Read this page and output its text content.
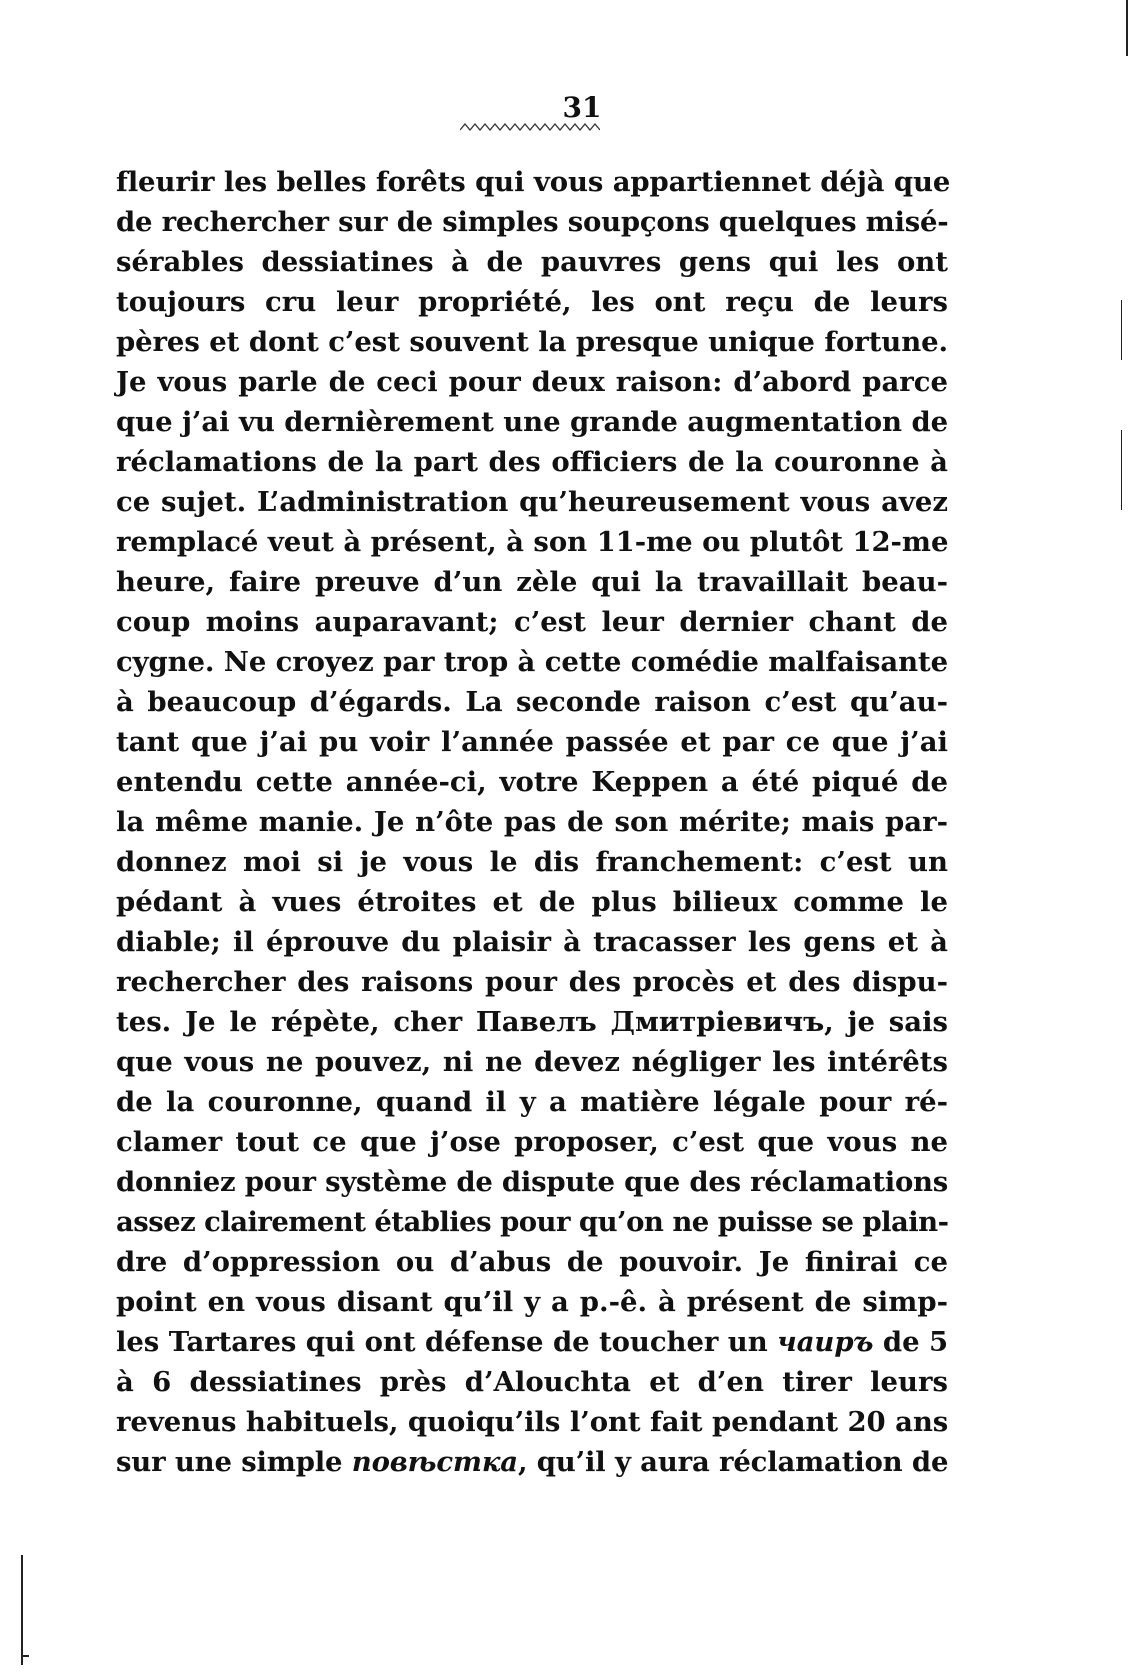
31
fleurir les belles forêts qui vous appartiennet déjà que
de rechercher sur de simples soupçons quelques misé-
sérables dessiatines à de pauvres gens qui les ont
toujours cru leur propriété, les ont reçu de leurs
pères et dont c’est souvent la presque unique fortune.
Je vous parle de ceci pour deux raison: d’abord parce
que j’ai vu dernièrement une grande augmentation de
réclamations de la part des officiers de la couronne à
ce sujet. L’administration qu’heureusement vous avez
remplacé veut à présent, à son 11-me ou plutôt 12-me
heure, faire preuve d’un zèle qui la travaillait beau-
coup moins auparavant; c’est leur dernier chant de
cygne. Ne croyez par trop à cette comédie malfaisante
à beaucoup d’égards. La seconde raison c’est qu’au-
tant que j’ai pu voir l’année passée et par ce que j’ai
entendu cette année-ci, votre Keppen a été piqué de
la même manie. Je n’ôte pas de son mérite; mais par-
donnez moi si je vous le dis franchement: c’est un
pédant à vues étroites et de plus bilieux comme le
diable; il éprouve du plaisir à tracasser les gens et à
rechercher des raisons pour des procès et des dispu-
tes. Je le répète, cher Павелъ Дмитріевичъ, je sais
que vous ne pouvez, ni ne devez négliger les intérêts
de la couronne, quand il y a matière légale pour ré-
clamer tout ce que j’ose proposer, c’est que vous ne
donniez pour système de dispute que des réclamations
assez clairement établies pour qu’on ne puisse se plain-
dre d’oppression ou d’abus de pouvoir. Je finirai ce
point en vous disant qu’il y a p.-ê. à présent de simp-
les Tartares qui ont défense de toucher un чаиръ de 5
à 6 dessiatines près d’Alouchta et d’en tirer leurs
revenus habituels, quoiqu’ils l’ont fait pendant 20 ans
sur une simple повѣстка, qu’il y aura réclamation de
